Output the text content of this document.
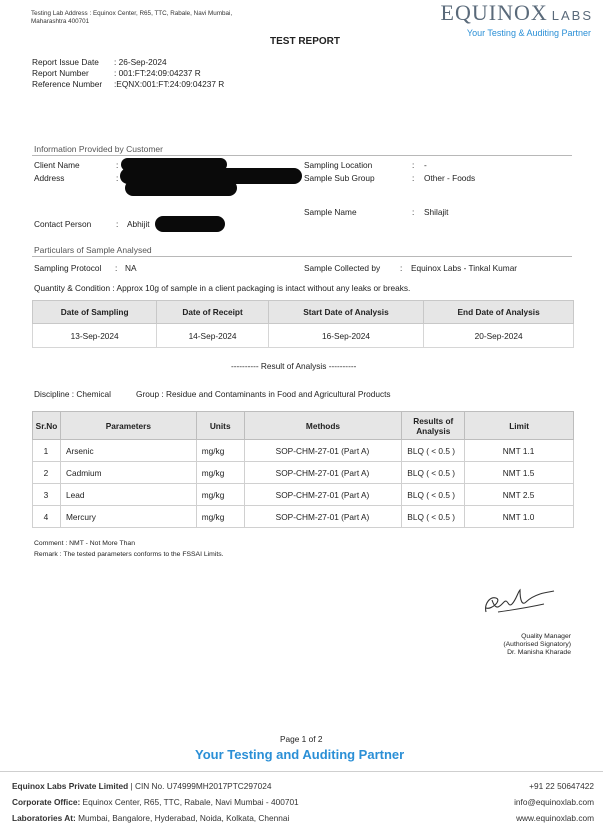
Testing Lab Address : Equinox Center, R65, TTC, Rabale, Navi Mumbai, Maharashtra 400701	EQUINOX LABS
Your Testing & Auditing Partner
TEST REPORT
Report Issue Date : 26-Sep-2024
Report Number	: 001:FT:24:09:04237 R
Reference Number :EQNX:001:FT:24:09:04237 R
Information Provided by Customer
Client Name	:
Address	:
Sampling Location	: -
Sample Sub Group	: Other - Foods
Sample Name	: Shilajit
Contact Person	: Abhijit
Particulars of Sample Analysed
Sampling Protocol : NA	Sample Collected by : Equinox Labs - Tinkal Kumar
Quantity & Condition : Approx 10g of sample in a client packaging is intact without any leaks or breaks.
Date of Sampling	Date of Receipt	Start Date of Analysis	End Date of Analysis
13-Sep-2024	14-Sep-2024	16-Sep-2024	20-Sep-2024
---------- Result of Analysis ----------
Discipline : Chemical	Group : Residue and Contaminants in Food and Agricultural Products
Sr.No	Parameters	Units	Methods	Results of Analysis	Limit
1	Arsenic	mg/kg	SOP-CHM-27-01 (Part A)	BLQ ( < 0.5 )	NMT 1.1
2	Cadmium	mg/kg	SOP-CHM-27-01 (Part A)	BLQ ( < 0.5 )	NMT 1.5
3	Lead	mg/kg	SOP-CHM-27-01 (Part A)	BLQ ( < 0.5 )	NMT 2.5
4	Mercury	mg/kg	SOP-CHM-27-01 (Part A)	BLQ ( < 0.5 )	NMT 1.0
Comment : NMT - Not More Than
Remark : The tested parameters conforms to the FSSAI Limits.
Quality Manager
(Authorised Signatory)
Dr. Manisha Kharade
Page 1 of 2
Your Testing and Auditing Partner
Equinox Labs Private Limited | CIN No. U74999MH2017PTC297024
Corporate Office: Equinox Center, R65, TTC, Rabale, Navi Mumbai - 400701
Laboratories At: Mumbai, Bangalore, Hyderabad, Noida, Kolkata, Chennai
+91 22 50647422
info@equinoxlab.com
www.equinoxlab.com
